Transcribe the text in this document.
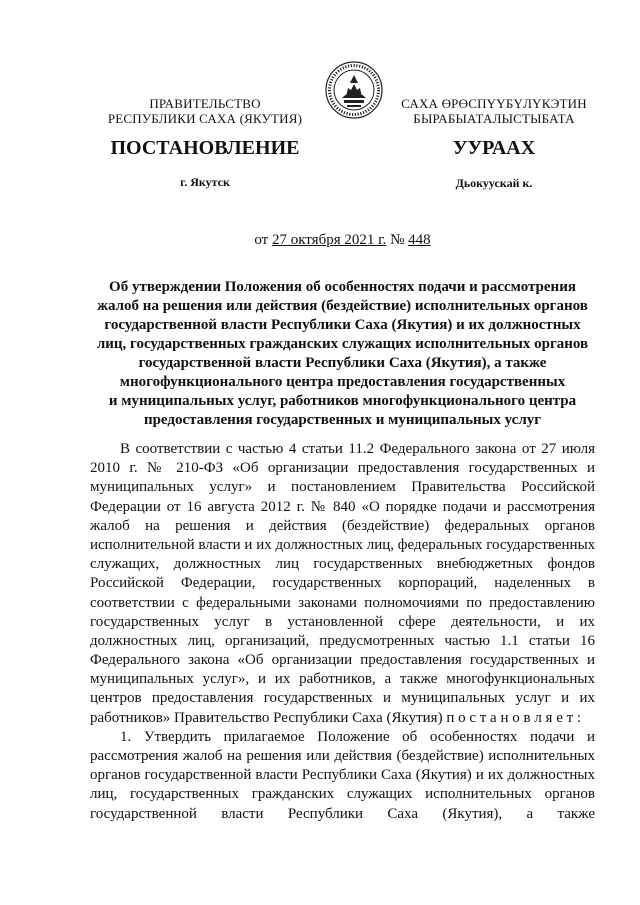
ПРАВИТЕЛЬСТВО
РЕСПУБЛИКИ САХА (ЯКУТИЯ)
САХА ӨРӨСПҮҮБҮЛҮКЭТИН
БЫРАБЫАТАЛЫСТЫБАТА
ПОСТАНОВЛЕНИЕ	УУРААХ
г. Якутск	Дьокуускай к.
от 27 октября 2021 г. № 448
Об утверждении Положения об особенностях подачи и рассмотрения
жалоб на решения или действия (бездействие) исполнительных органов
государственной власти Республики Саха (Якутия) и их должностных
лиц, государственных гражданских служащих исполнительных органов
государственной власти Республики Саха (Якутия), а также
многофункционального центра предоставления государственных
и муниципальных услуг, работников многофункционального центра
предоставления государственных и муниципальных услуг
В соответствии с частью 4 статьи 11.2 Федерального закона от 27 июля
2010 г. № 210-ФЗ «Об организации предоставления государственных и
муниципальных услуг» и постановлением Правительства Российской
Федерации от 16 августа 2012 г. № 840 «О порядке подачи и рассмотрения
жалоб на решения и действия (бездействие) федеральных органов
исполнительной власти и их должностных лиц, федеральных государственных
служащих, должностных лиц государственных внебюджетных фондов
Российской Федерации, государственных корпораций, наделенных в
соответствии с федеральными законами полномочиями по предоставлению
государственных услуг в установленной сфере деятельности, и их
должностных лиц, организаций, предусмотренных частью 1.1 статьи 16
Федерального закона «Об организации предоставления государственных и
муниципальных услуг», и их работников, а также многофункциональных
центров предоставления государственных и муниципальных услуг и их
работников» Правительство Республики Саха (Якутия) п о с т а н о в л я е т :
1. Утвердить прилагаемое Положение об особенностях подачи и
рассмотрения жалоб на решения или действия (бездействие) исполнительных
органов государственной власти Республики Саха (Якутия) и их должностных
лиц, государственных гражданских служащих исполнительных органов
государственной власти Республики Саха (Якутия), а также
